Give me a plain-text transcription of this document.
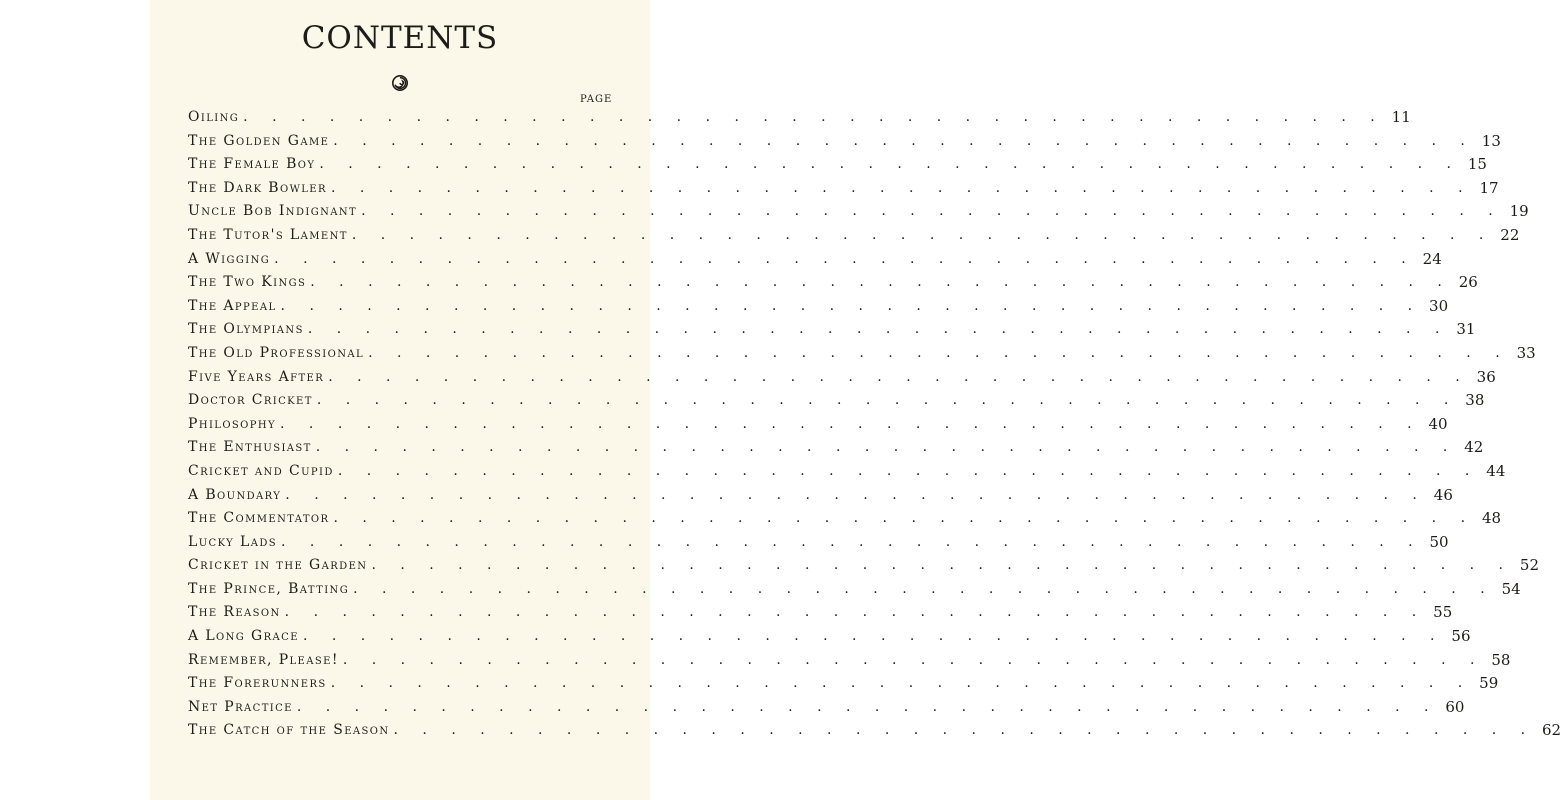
CONTENTS
PAGE
Oiling . . . . . . . . . . . . . . . . . . . . . . . . . . . . . . . . . . . . . . . . 11
The Golden Game . . . . . . . . . . . . . . . . . . . . . . . . . . . . . . . . . . . . . . . . 13
The Female Boy . . . . . . . . . . . . . . . . . . . . . . . . . . . . . . . . . . . . . . . . 15
The Dark Bowler . . . . . . . . . . . . . . . . . . . . . . . . . . . . . . . . . . . . . . . . 17
Uncle Bob Indignant . . . . . . . . . . . . . . . . . . . . . . . . . . . . . . . . . . . . . . . . 19
The Tutor's Lament . . . . . . . . . . . . . . . . . . . . . . . . . . . . . . . . . . . . . . . . 22
A Wigging . . . . . . . . . . . . . . . . . . . . . . . . . . . . . . . . . . . . . . . . 24
The Two Kings . . . . . . . . . . . . . . . . . . . . . . . . . . . . . . . . . . . . . . . . 26
The Appeal . . . . . . . . . . . . . . . . . . . . . . . . . . . . . . . . . . . . . . . . 30
The Olympians . . . . . . . . . . . . . . . . . . . . . . . . . . . . . . . . . . . . . . . . 31
The Old Professional . . . . . . . . . . . . . . . . . . . . . . . . . . . . . . . . . . . . . . . . 33
Five Years After . . . . . . . . . . . . . . . . . . . . . . . . . . . . . . . . . . . . . . . . 36
Doctor Cricket . . . . . . . . . . . . . . . . . . . . . . . . . . . . . . . . . . . . . . . . 38
Philosophy . . . . . . . . . . . . . . . . . . . . . . . . . . . . . . . . . . . . . . . . 40
The Enthusiast . . . . . . . . . . . . . . . . . . . . . . . . . . . . . . . . . . . . . . . . 42
Cricket and Cupid . . . . . . . . . . . . . . . . . . . . . . . . . . . . . . . . . . . . . . . . 44
A Boundary . . . . . . . . . . . . . . . . . . . . . . . . . . . . . . . . . . . . . . . . 46
The Commentator . . . . . . . . . . . . . . . . . . . . . . . . . . . . . . . . . . . . . . . . 48
Lucky Lads . . . . . . . . . . . . . . . . . . . . . . . . . . . . . . . . . . . . . . . . 50
Cricket in the Garden . . . . . . . . . . . . . . . . . . . . . . . . . . . . . . . . . . . . . . . . 52
The Prince, Batting . . . . . . . . . . . . . . . . . . . . . . . . . . . . . . . . . . . . . . . . 54
The Reason . . . . . . . . . . . . . . . . . . . . . . . . . . . . . . . . . . . . . . . . 55
A Long Grace . . . . . . . . . . . . . . . . . . . . . . . . . . . . . . . . . . . . . . . . 56
Remember, Please! . . . . . . . . . . . . . . . . . . . . . . . . . . . . . . . . . . . . . . . . 58
The Forerunners . . . . . . . . . . . . . . . . . . . . . . . . . . . . . . . . . . . . . . . . 59
Net Practice . . . . . . . . . . . . . . . . . . . . . . . . . . . . . . . . . . . . . . . . 60
The Catch of the Season . . . . . . . . . . . . . . . . . . . . . . . . . . . . . . . . . . . . . . . . 62
